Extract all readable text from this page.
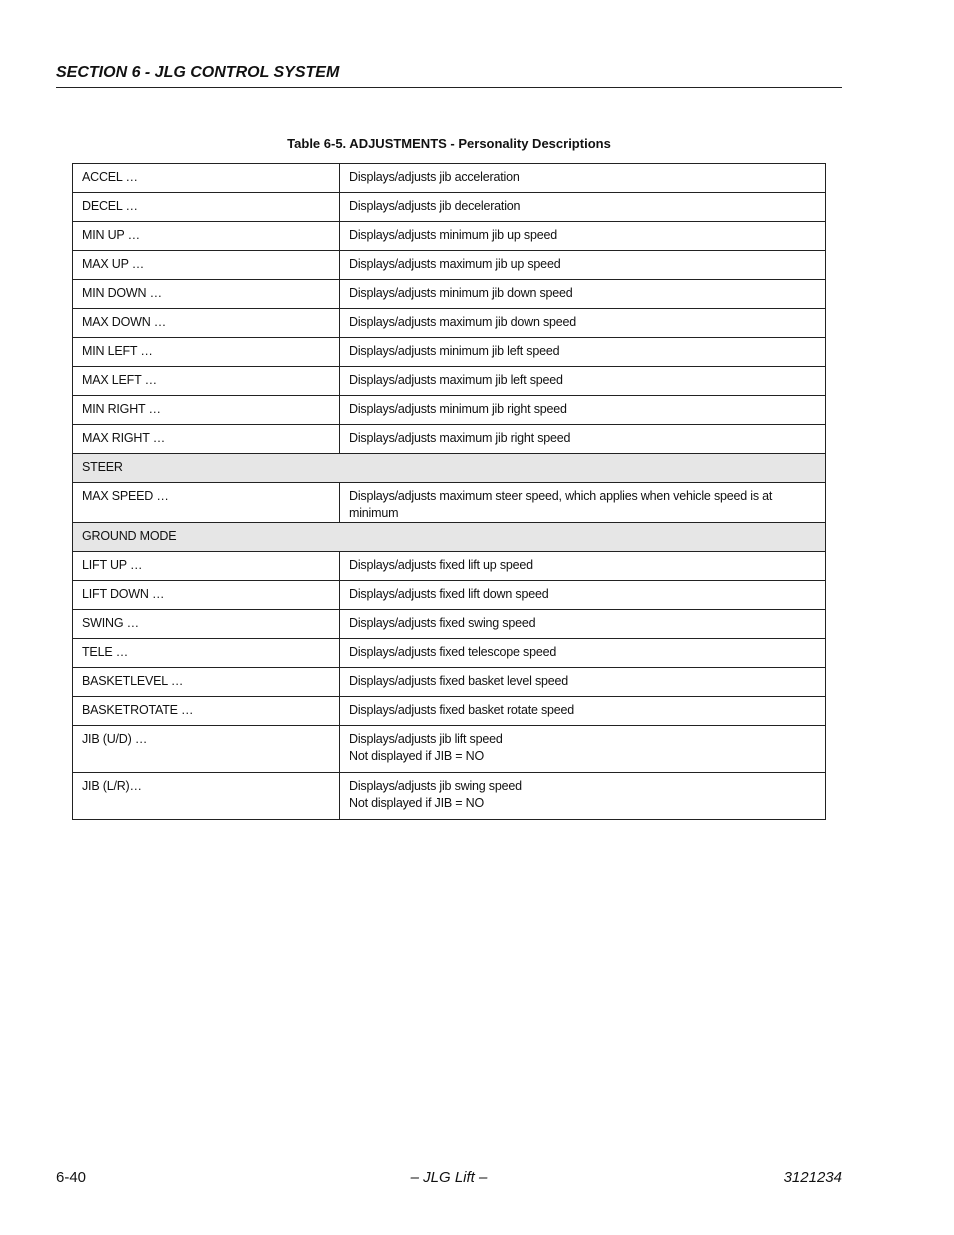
SECTION 6 - JLG CONTROL SYSTEM
Table 6-5. ADJUSTMENTS - Personality Descriptions
ACCEL …	Displays/adjusts jib acceleration

DECEL …	Displays/adjusts jib deceleration

MIN UP …	Displays/adjusts minimum jib up speed

MAX UP …	Displays/adjusts maximum jib up speed

MIN DOWN …	Displays/adjusts minimum jib down speed

MAX DOWN …	Displays/adjusts maximum jib down speed

MIN LEFT …	Displays/adjusts minimum jib left speed

MAX LEFT …	Displays/adjusts maximum jib left speed

MIN RIGHT …	Displays/adjusts minimum jib right speed

MAX RIGHT …	Displays/adjusts maximum jib right speed

STEER	
MAX SPEED …	Displays/adjusts maximum steer speed, which applies when vehicle speed is at minimum

GROUND MODE	
LIFT UP …	Displays/adjusts fixed lift up speed

LIFT DOWN …	Displays/adjusts fixed lift down speed

SWING …	Displays/adjusts fixed swing speed

TELE …	Displays/adjusts fixed telescope speed

BASKETLEVEL …	Displays/adjusts fixed basket level speed

BASKETROTATE …	Displays/adjusts fixed basket rotate speed

JIB (U/D) …	Displays/adjusts jib lift speed
Not displayed if JIB = NO

JIB (L/R)…	Displays/adjusts jib swing speed
Not displayed if JIB = NO
6-40	– JLG Lift –	3121234
